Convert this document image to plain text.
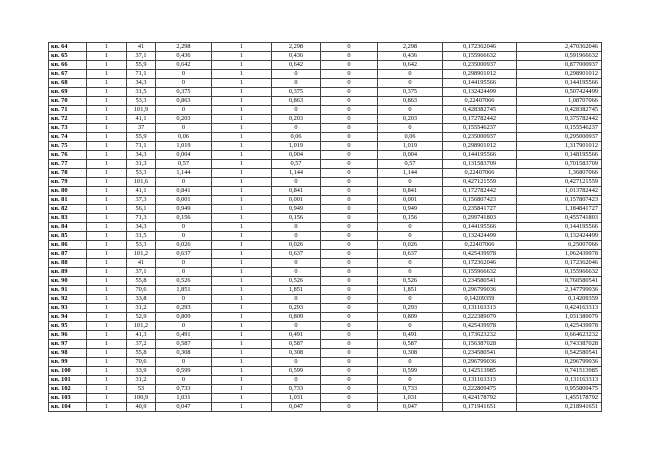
кв. 64	1	41	2,298	1	2,298	0	2,298	0,172362046	2,470362046
кв. 65	1	37,1	0,436	1	0,436	0	0,436	0,155966632	0,591966632
кв. 66	1	55,9	0,642	1	0,642	0	0,642	0,235000937	0,877000937
кв. 67	1	71,1	0	1	0	0	0	0,298901012	0,298901012
кв. 68	1	34,3	0	1	0	0	0	0,144195566	0,144195566
кв. 69	1	31,5	0,375	1	0,375	0	0,375	0,132424499	0,507424499
кв. 70	1	53,3	0,863	1	0,863	0	0,863	0,22407066	1,08707066
кв. 71	1	101,9	0	1	0	0	0	0,428382745	0,428382745
кв. 72	1	41,1	0,203	1	0,203	0	0,203	0,172782442	0,375782442
кв. 73	1	37	0	1	0	0	0	0,155546237	0,155546237
кв. 74	1	55,9	0,06	1	0,06	0	0,06	0,235000937	0,295000937
кв. 75	1	71,1	1,019	1	1,019	0	1,019	0,298901012	1,317901012
кв. 76	1	34,3	0,004	1	0,004	0	0,004	0,144195566	0,148195566
кв. 77	1	31,3	0,57	1	0,57	0	0,57	0,131583709	0,701583709
кв. 78	1	53,3	1,144	1	1,144	0	1,144	0,22407066	1,36807066
кв. 79	1	101,6	0	1	0	0	0	0,427121559	0,427121559
кв. 80	1	41,1	0,841	1	0,841	0	0,841	0,172782442	1,013782442
кв. 81	1	37,3	0,001	1	0,001	0	0,001	0,156807423	0,157807423
кв. 82	1	56,1	0,949	1	0,949	0	0,949	0,235841727	1,184841727
кв. 83	1	71,3	0,156	1	0,156	0	0,156	0,299741803	0,455741803
кв. 84	1	34,3	0	1	0	0	0	0,144195566	0,144195566
кв. 85	1	31,5	0	1	0	0	0	0,132424499	0,132424499
кв. 86	1	53,3	0,026	1	0,026	0	0,026	0,22407066	0,25007066
кв. 87	1	101,2	0,637	1	0,637	0	0,637	0,425439978	1,062439978
кв. 88	1	41	0	1	0	0	0	0,172362046	0,172362046
кв. 89	1	37,1	0	1	0	0	0	0,155966632	0,155966632
кв. 90	1	55,8	0,526	1	0,526	0	0,526	0,234580541	0,760580541
кв. 91	1	70,6	1,851	1	1,851	0	1,851	0,296799036	2,147799036
кв. 92	1	33,8	0	1	0	0	0	0,14209359	0,14209359
кв. 93	1	31,2	0,293	1	0,293	0	0,293	0,131163313	0,424163313
кв. 94	1	52,9	0,809	1	0,809	0	0,809	0,222389079	1,031389079
кв. 95	1	101,2	0	1	0	0	0	0,425439978	0,425439978
кв. 96	1	41,3	0,491	1	0,491	0	0,491	0,173623232	0,664623232
кв. 97	1	37,2	0,587	1	0,587	0	0,587	0,156387028	0,743387028
кв. 98	1	55,8	0,308	1	0,308	0	0,308	0,234580541	0,542580541
кв. 99	1	70,6	0	1	0	0	0	0,296799036	0,296799036
кв. 100	1	33,9	0,599	1	0,599	0	0,599	0,142513985	0,741513985
кв. 101	1	31,2	0	1	0	0	0	0,131163313	0,131163313
кв. 102	1	53	0,733	1	0,733	0	0,733	0,222809475	0,955809475
кв. 103	1	100,9	1,031	1	1,031	0	1,031	0,424178792	1,455178792
кв. 104	1	40,9	0,047	1	0,047	0	0,047	0,171941651	0,218941651
